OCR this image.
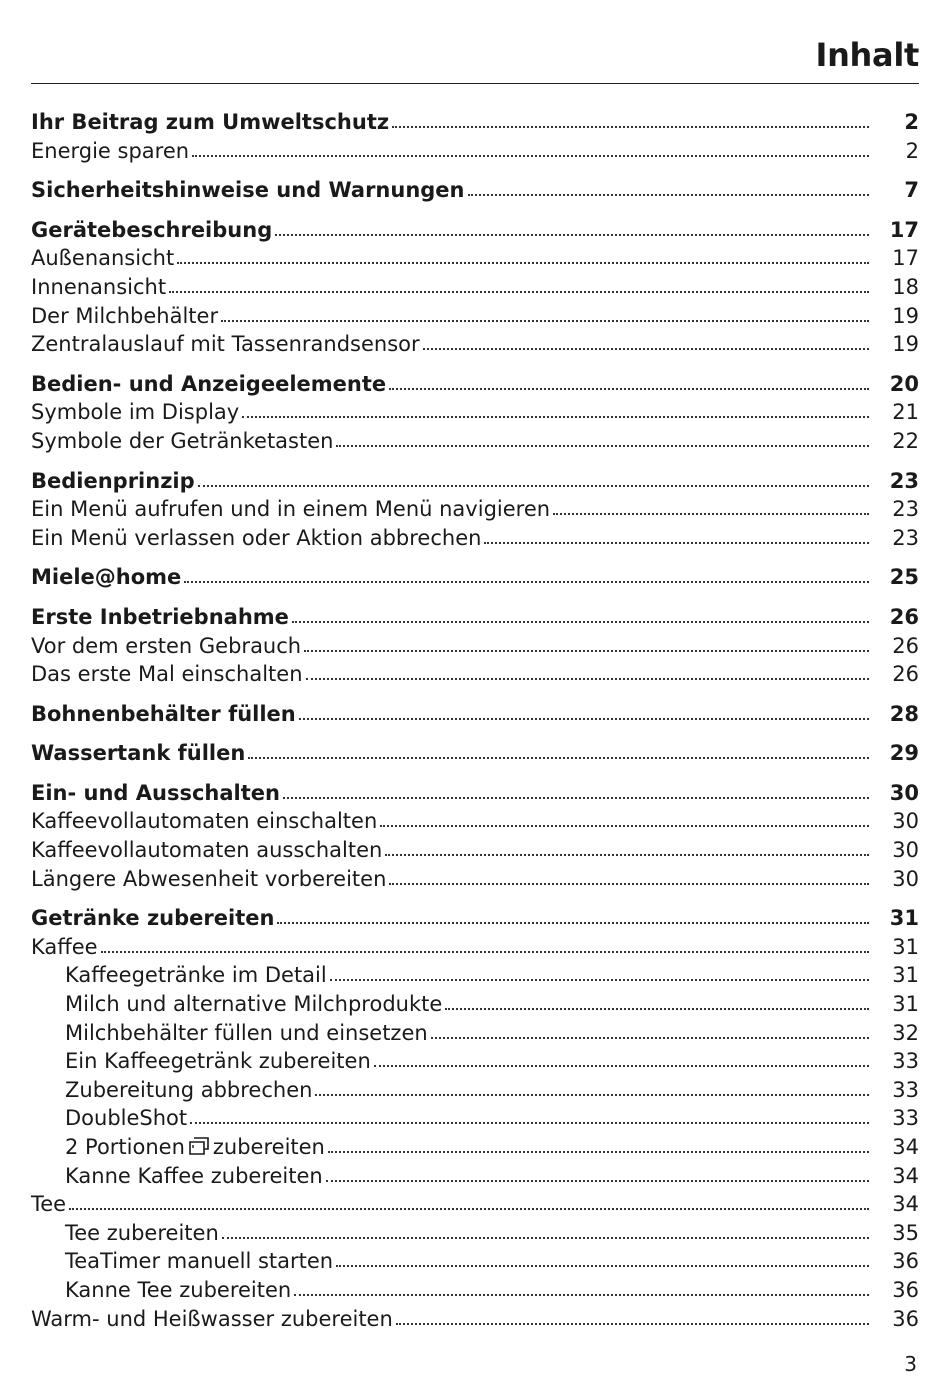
Inhalt
Ihr Beitrag zum Umweltschutz	2
Energie sparen	2
Sicherheitshinweise und Warnungen	7
Gerätebeschreibung	17
Außenansicht	17
Innenansicht	18
Der Milchbehälter	19
Zentralauslauf mit Tassenrandsensor	19
Bedien- und Anzeigeelemente	20
Symbole im Display	21
Symbole der Getränketasten	22
Bedienprinzip	23
Ein Menü aufrufen und in einem Menü navigieren	23
Ein Menü verlassen oder Aktion abbrechen	23
Miele@home	25
Erste Inbetriebnahme	26
Vor dem ersten Gebrauch	26
Das erste Mal einschalten	26
Bohnenbehälter füllen	28
Wassertank füllen	29
Ein- und Ausschalten	30
Kaffeevollautomaten einschalten	30
Kaffeevollautomaten ausschalten	30
Längere Abwesenheit vorbereiten	30
Getränke zubereiten	31
Kaffee	31
Kaffeegetränke im Detail	31
Milch und alternative Milchprodukte	31
Milchbehälter füllen und einsetzen	32
Ein Kaffeegetränk zubereiten	33
Zubereitung abbrechen	33
DoubleShot	33
2 Portionen zubereiten	34
Kanne Kaffee zubereiten	34
Tee	34
Tee zubereiten	35
TeaTimer manuell starten	36
Kanne Tee zubereiten	36
Warm- und Heißwasser zubereiten	36
3
